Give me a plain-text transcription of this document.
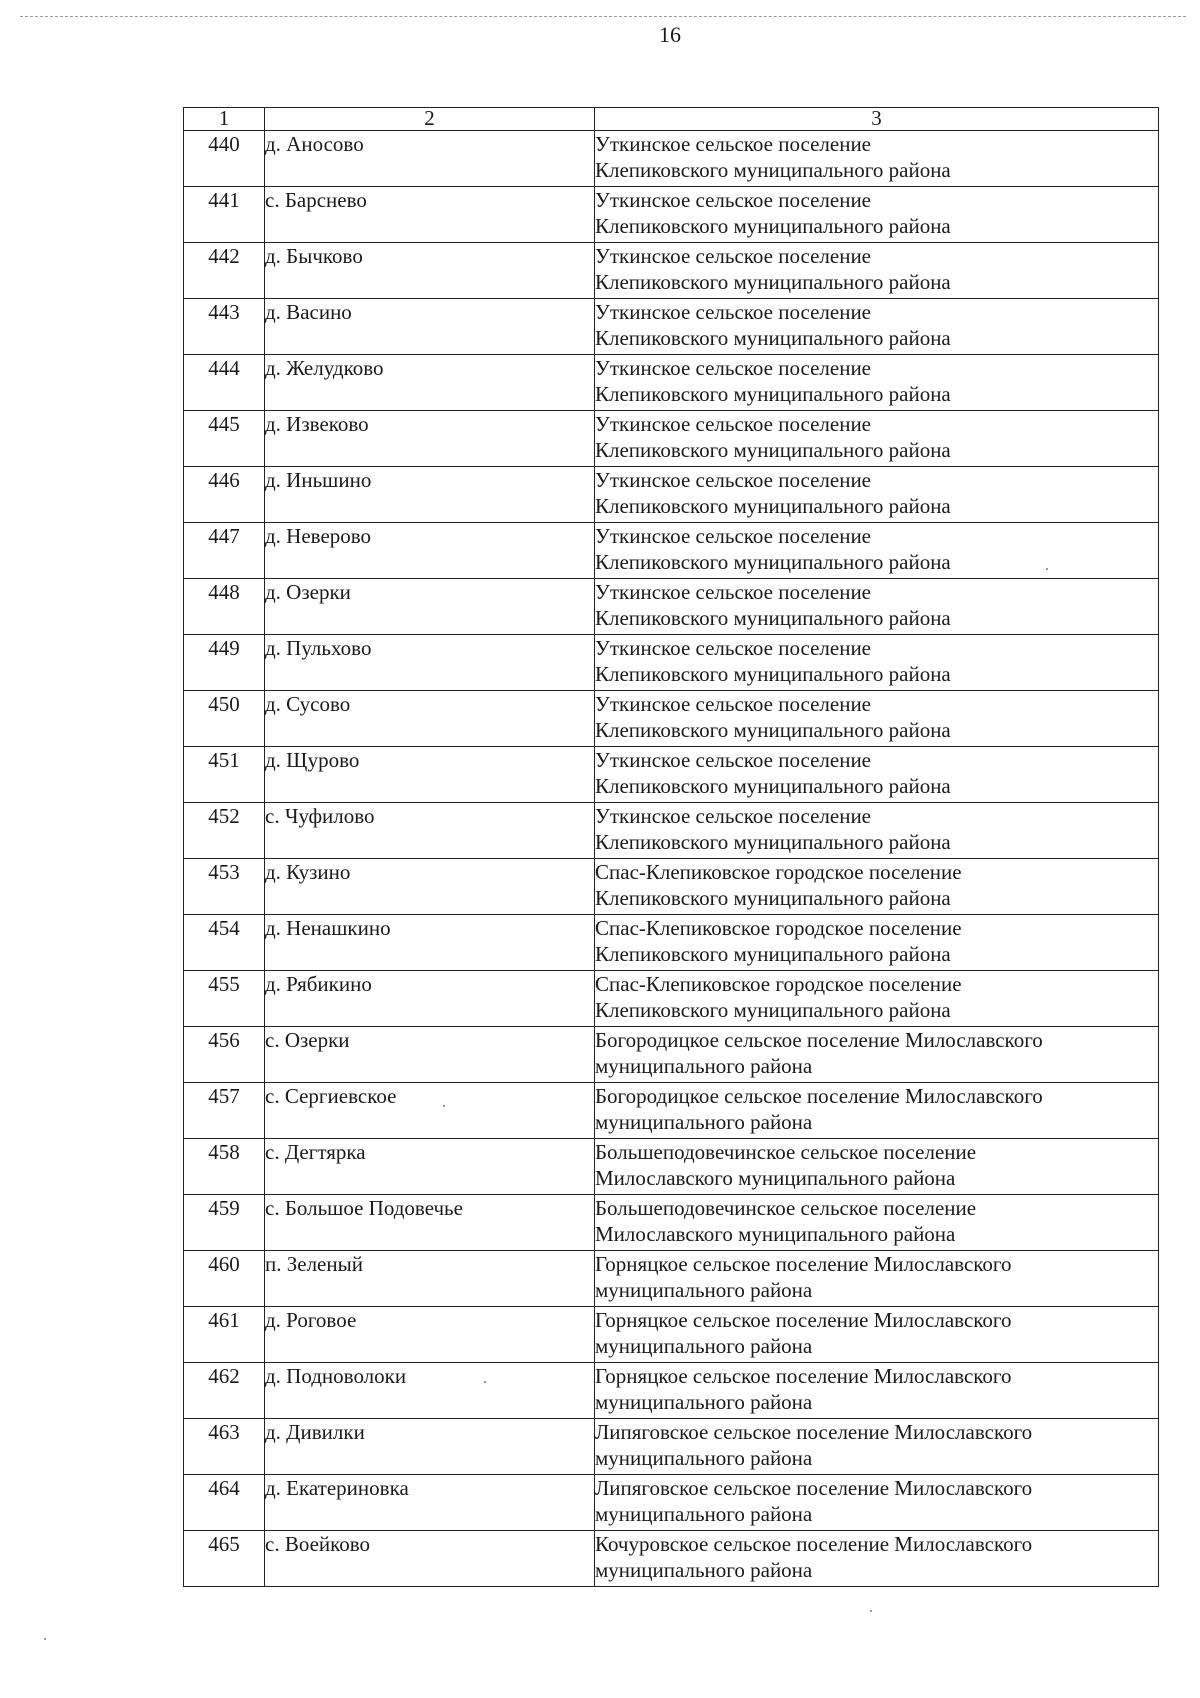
16
1	2	3
440	д. Аносово	Уткинское сельское поселение
Клепиковского муниципального района

441	с. Барснево	Уткинское сельское поселение
Клепиковского муниципального района

442	д. Бычково	Уткинское сельское поселение
Клепиковского муниципального района

443	д. Васино	Уткинское сельское поселение
Клепиковского муниципального района

444	д. Желудково	Уткинское сельское поселение
Клепиковского муниципального района

445	д. Извеково	Уткинское сельское поселение
Клепиковского муниципального района

446	д. Иньшино	Уткинское сельское поселение
Клепиковского муниципального района

447	д. Неверово	Уткинское сельское поселение
Клепиковского муниципального района

448	д. Озерки	Уткинское сельское поселение
Клепиковского муниципального района

449	д. Пульхово	Уткинское сельское поселение
Клепиковского муниципального района

450	д. Сусово	Уткинское сельское поселение
Клепиковского муниципального района

451	д. Щурово	Уткинское сельское поселение
Клепиковского муниципального района

452	с. Чуфилово	Уткинское сельское поселение
Клепиковского муниципального района

453	д. Кузино	Спас-Клепиковское городское поселение
Клепиковского муниципального района

454	д. Ненашкино	Спас-Клепиковское городское поселение
Клепиковского муниципального района

455	д. Рябикино	Спас-Клепиковское городское поселение
Клепиковского муниципального района

456	с. Озерки	Богородицкое сельское поселение Милославского
муниципального района

457	с. Сергиевское	Богородицкое сельское поселение Милославского
муниципального района

458	с. Дегтярка	Большеподовечинское сельское поселение
Милославского муниципального района

459	с. Большое Подовечье	Большеподовечинское сельское поселение
Милославского муниципального района

460	п. Зеленый	Горняцкое сельское поселение Милославского
муниципального района

461	д. Роговое	Горняцкое сельское поселение Милославского
муниципального района

462	д. Подноволоки	Горняцкое сельское поселение Милославского
муниципального района

463	д. Дивилки	Липяговское сельское поселение Милославского
муниципального района

464	д. Екатериновка	Липяговское сельское поселение Милославского
муниципального района

465	с. Воейково	Кочуровское сельское поселение Милославского
муниципального района
